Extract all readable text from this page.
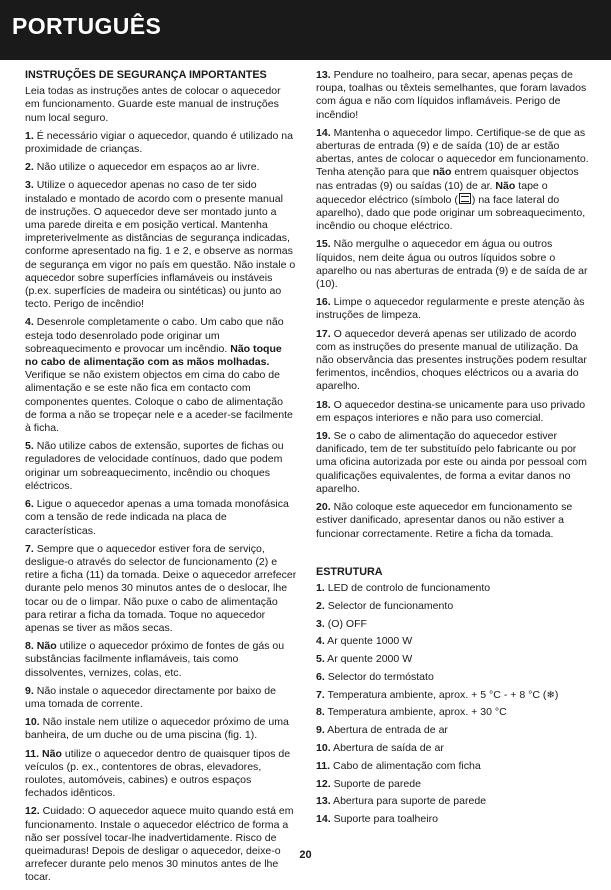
PORTUGUÊS
INSTRUÇÕES DE SEGURANÇA IMPORTANTES
Leia todas as instruções antes de colocar o aquecedor em funcionamento. Guarde este manual de instruções num local seguro.
1. É necessário vigiar o aquecedor, quando é utilizado na proximidade de crianças.
2. Não utilize o aquecedor em espaços ao ar livre.
3. Utilize o aquecedor apenas no caso de ter sido instalado e montado de acordo com o presente manual de instruções. O aquecedor deve ser montado junto a uma parede direita e em posição vertical. Mantenha impreterivelmente as distâncias de segurança indicadas, conforme apresentado na fig. 1 e 2, e observe as normas de segurança em vigor no país em questão. Não instale o aquecedor sobre superfícies inflamáveis ou instáveis (p.ex. superfícies de madeira ou sintéticas) ou junto ao tecto. Perigo de incêndio!
4. Desenrole completamente o cabo. Um cabo que não esteja todo desenrolado pode originar um sobreaquecimento e provocar um incêndio. Não toque no cabo de alimentação com as mãos molhadas. Verifique se não existem objectos em cima do cabo de alimentação e se este não fica em contacto com componentes quentes. Coloque o cabo de alimentação de forma a não se tropeçar nele e a aceder-se facilmente à ficha.
5. Não utilize cabos de extensão, suportes de fichas ou reguladores de velocidade contínuos, dado que podem originar um sobreaquecimento, incêndio ou choques eléctricos.
6. Ligue o aquecedor apenas a uma tomada monofásica com a tensão de rede indicada na placa de características.
7. Sempre que o aquecedor estiver fora de serviço, desligue-o através do selector de funcionamento (2) e retire a ficha (11) da tomada. Deixe o aquecedor arrefecer durante pelo menos 30 minutos antes de o deslocar, lhe tocar ou de o limpar. Não puxe o cabo de alimentação para retirar a ficha da tomada. Toque no aquecedor apenas se tiver as mãos secas.
8. Não utilize o aquecedor próximo de fontes de gás ou substâncias facilmente inflamáveis, tais como dissolventes, vernizes, colas, etc.
9. Não instale o aquecedor directamente por baixo de uma tomada de corrente.
10. Não instale nem utilize o aquecedor próximo de uma banheira, de um duche ou de uma piscina (fig. 1).
11. Não utilize o aquecedor dentro de quaisquer tipos de veículos (p. ex., contentores de obras, elevadores, roulotes, automóveis, cabines) e outros espaços fechados idênticos.
12. Cuidado: O aquecedor aquece muito quando está em funcionamento. Instale o aquecedor eléctrico de forma a não ser possível tocar-lhe inadvertidamente. Risco de queimaduras! Depois de desligar o aquecedor, deixe-o arrefecer durante pelo menos 30 minutos antes de lhe tocar.
13. Pendure no toalheiro, para secar, apenas peças de roupa, toalhas ou têxteis semelhantes, que foram lavados com água e não com líquidos inflamáveis. Perigo de incêndio!
14. Mantenha o aquecedor limpo. Certifique-se de que as aberturas de entrada (9) e de saída (10) de ar estão abertas, antes de colocar o aquecedor em funcionamento. Tenha atenção para que não entrem quaisquer objectos nas entradas (9) ou saídas (10) de ar. Não tape o aquecedor eléctrico (símbolo ( ) na face lateral do aparelho), dado que pode originar um sobreaquecimento, incêndio ou choque eléctrico.
15. Não mergulhe o aquecedor em água ou outros líquidos, nem deite água ou outros líquidos sobre o aparelho ou nas aberturas de entrada (9) e de saída de ar (10).
16. Limpe o aquecedor regularmente e preste atenção às instruções de limpeza.
17. O aquecedor deverá apenas ser utilizado de acordo com as instruções do presente manual de utilização. Da não observância das presentes instruções podem resultar ferimentos, incêndios, choques eléctricos ou a avaria do aparelho.
18. O aquecedor destina-se unicamente para uso privado em espaços interiores e não para uso comercial.
19. Se o cabo de alimentação do aquecedor estiver danificado, tem de ter substituído pelo fabricante ou por uma oficina autorizada por este ou ainda por pessoal com qualificações equivalentes, de forma a evitar danos no aparelho.
20. Não coloque este aquecedor em funcionamento se estiver danificado, apresentar danos ou não estiver a funcionar correctamente. Retire a ficha da tomada.
ESTRUTURA
1. LED de controlo de funcionamento
2. Selector de funcionamento
3. (O) OFF
4. Ar quente 1000 W
5. Ar quente 2000 W
6. Selector do termóstato
7. Temperatura ambiente, aprox. + 5 °C - + 8 °C (❄)
8. Temperatura ambiente, aprox. + 30 °C
9. Abertura de entrada de ar
10. Abertura de saída de ar
11. Cabo de alimentação com ficha
12. Suporte de parede
13. Abertura para suporte de parede
14. Suporte para toalheiro
20
